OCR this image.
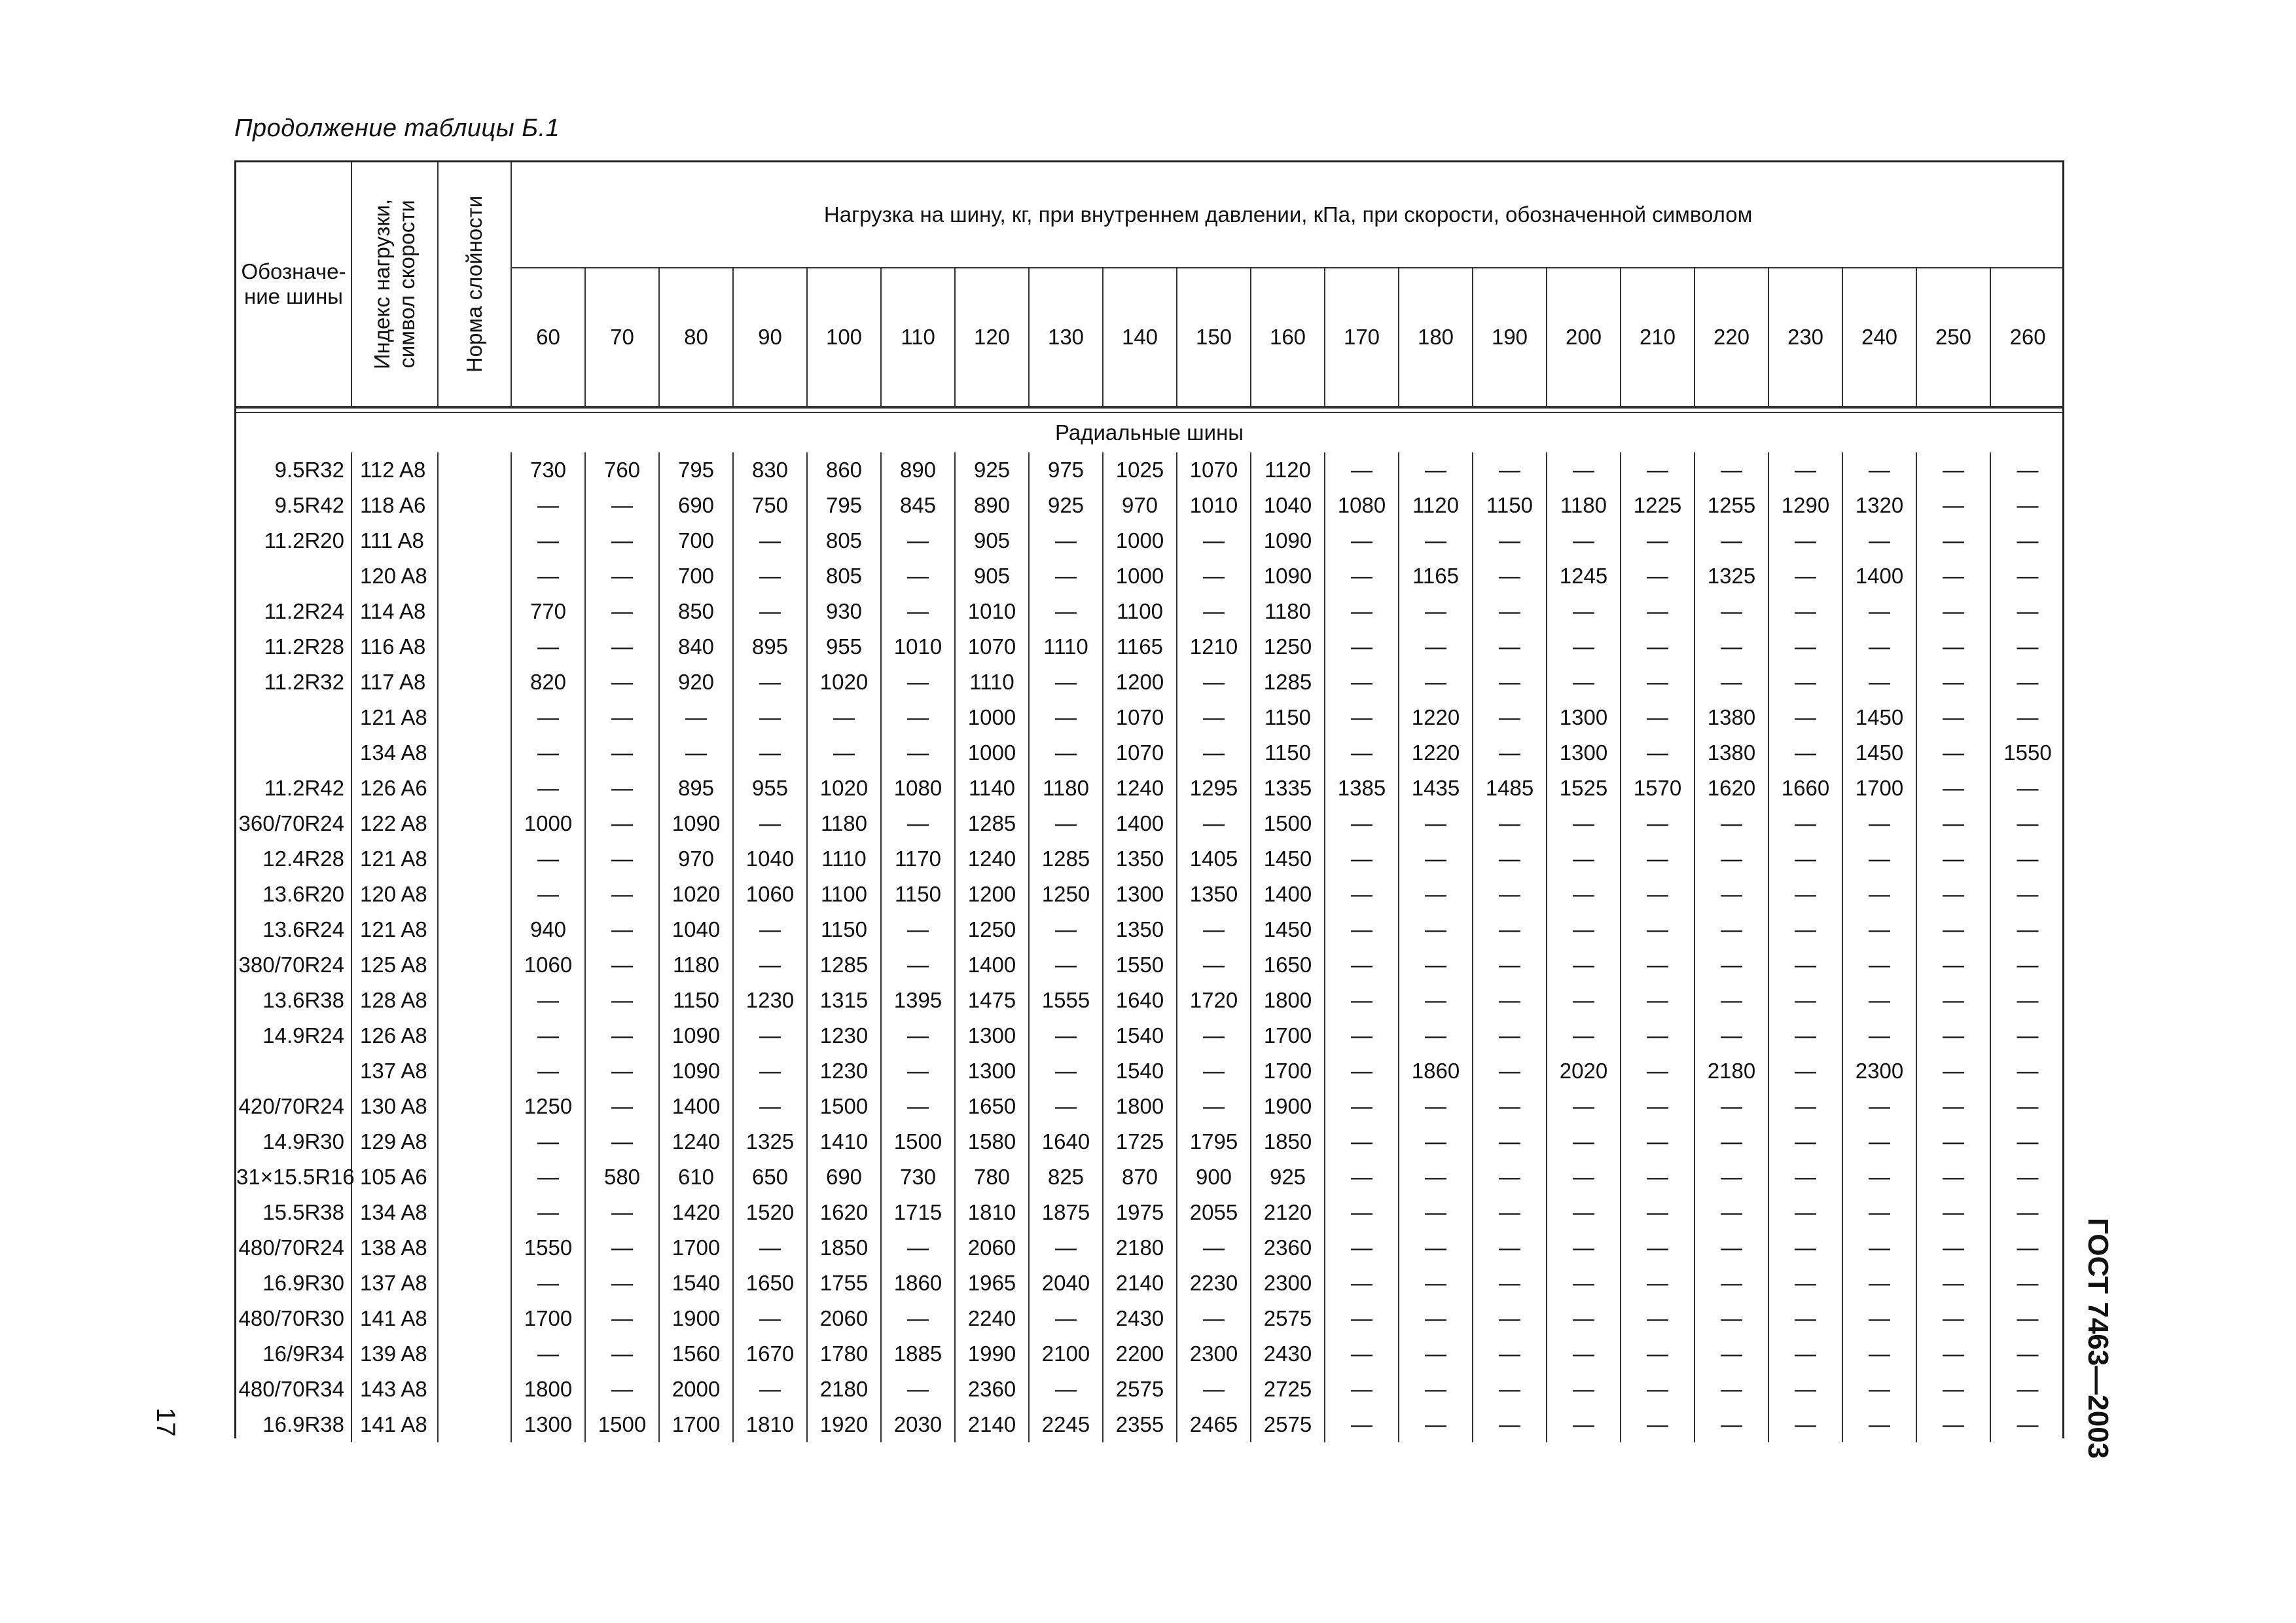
Продолжение таблицы Б.1
Обозначе-ние шины	Индекс нагрузки, символ скорости	Норма слойности	Нагрузка на шину, кг, при внутреннем давлении, кПа, при скорости, обозначенной символом																				
			60	70	80	90	100	110	120	130	140	150	160	170	180	190	200	210	220	230	240	250	260
Радиальные шины
9.5R32	112 A8		730	760	795	830	860	890	925	975	1025	1070	1120	—	—	—	—	—	—	—	—	—	—
9.5R42	118 A6		—	—	690	750	795	845	890	925	970	1010	1040	1080	1120	1150	1180	1225	1255	1290	1320	—	—
11.2R20	111 A8		—	—	700	—	805	—	905	—	1000	—	1090	—	—	—	—	—	—	—	—	—	—
	120 A8		—	—	700	—	805	—	905	—	1000	—	1090	—	1165	—	1245	—	1325	—	1400	—	—
11.2R24	114 A8		770	—	850	—	930	—	1010	—	1100	—	1180	—	—	—	—	—	—	—	—	—	—
11.2R28	116 A8		—	—	840	895	955	1010	1070	1110	1165	1210	1250	—	—	—	—	—	—	—	—	—	—
11.2R32	117 A8		820	—	920	—	1020	—	1110	—	1200	—	1285	—	—	—	—	—	—	—	—	—	—
	121 A8		—	—	—	—	—	—	1000	—	1070	—	1150	—	1220	—	1300	—	1380	—	1450	—	—
	134 A8		—	—	—	—	—	—	1000	—	1070	—	1150	—	1220	—	1300	—	1380	—	1450	—	1550
11.2R42	126 A6		—	—	895	955	1020	1080	1140	1180	1240	1295	1335	1385	1435	1485	1525	1570	1620	1660	1700	—	—
360/70R24	122 A8		1000	—	1090	—	1180	—	1285	—	1400	—	1500	—	—	—	—	—	—	—	—	—	—
12.4R28	121 A8		—	—	970	1040	1110	1170	1240	1285	1350	1405	1450	—	—	—	—	—	—	—	—	—	—
13.6R20	120 A8		—	—	1020	1060	1100	1150	1200	1250	1300	1350	1400	—	—	—	—	—	—	—	—	—	—
13.6R24	121 A8		940	—	1040	—	1150	—	1250	—	1350	—	1450	—	—	—	—	—	—	—	—	—	—
380/70R24	125 A8		1060	—	1180	—	1285	—	1400	—	1550	—	1650	—	—	—	—	—	—	—	—	—	—
13.6R38	128 A8		—	—	1150	1230	1315	1395	1475	1555	1640	1720	1800	—	—	—	—	—	—	—	—	—	—
14.9R24	126 A8		—	—	1090	—	1230	—	1300	—	1540	—	1700	—	—	—	—	—	—	—	—	—	—
	137 A8		—	—	1090	—	1230	—	1300	—	1540	—	1700	—	1860	—	2020	—	2180	—	2300	—	—
420/70R24	130 A8		1250	—	1400	—	1500	—	1650	—	1800	—	1900	—	—	—	—	—	—	—	—	—	—
14.9R30	129 A8		—	—	1240	1325	1410	1500	1580	1640	1725	1795	1850	—	—	—	—	—	—	—	—	—	—
31×15.5R16	105 A6		—	580	610	650	690	730	780	825	870	900	925	—	—	—	—	—	—	—	—	—	—
15.5R38	134 A8		—	—	1420	1520	1620	1715	1810	1875	1975	2055	2120	—	—	—	—	—	—	—	—	—	—
480/70R24	138 A8		1550	—	1700	—	1850	—	2060	—	2180	—	2360	—	—	—	—	—	—	—	—	—	—
16.9R30	137 A8		—	—	1540	1650	1755	1860	1965	2040	2140	2230	2300	—	—	—	—	—	—	—	—	—	—
480/70R30	141 A8		1700	—	1900	—	2060	—	2240	—	2430	—	2575	—	—	—	—	—	—	—	—	—	—
16/9R34	139 A8		—	—	1560	1670	1780	1885	1990	2100	2200	2300	2430	—	—	—	—	—	—	—	—	—	—
480/70R34	143 A8		1800	—	2000	—	2180	—	2360	—	2575	—	2725	—	—	—	—	—	—	—	—	—	—
16.9R38	141 A8		1300	1500	1700	1810	1920	2030	2140	2245	2355	2465	2575	—	—	—	—	—	—	—	—	—	— ГОСТ 7463—2003
17
